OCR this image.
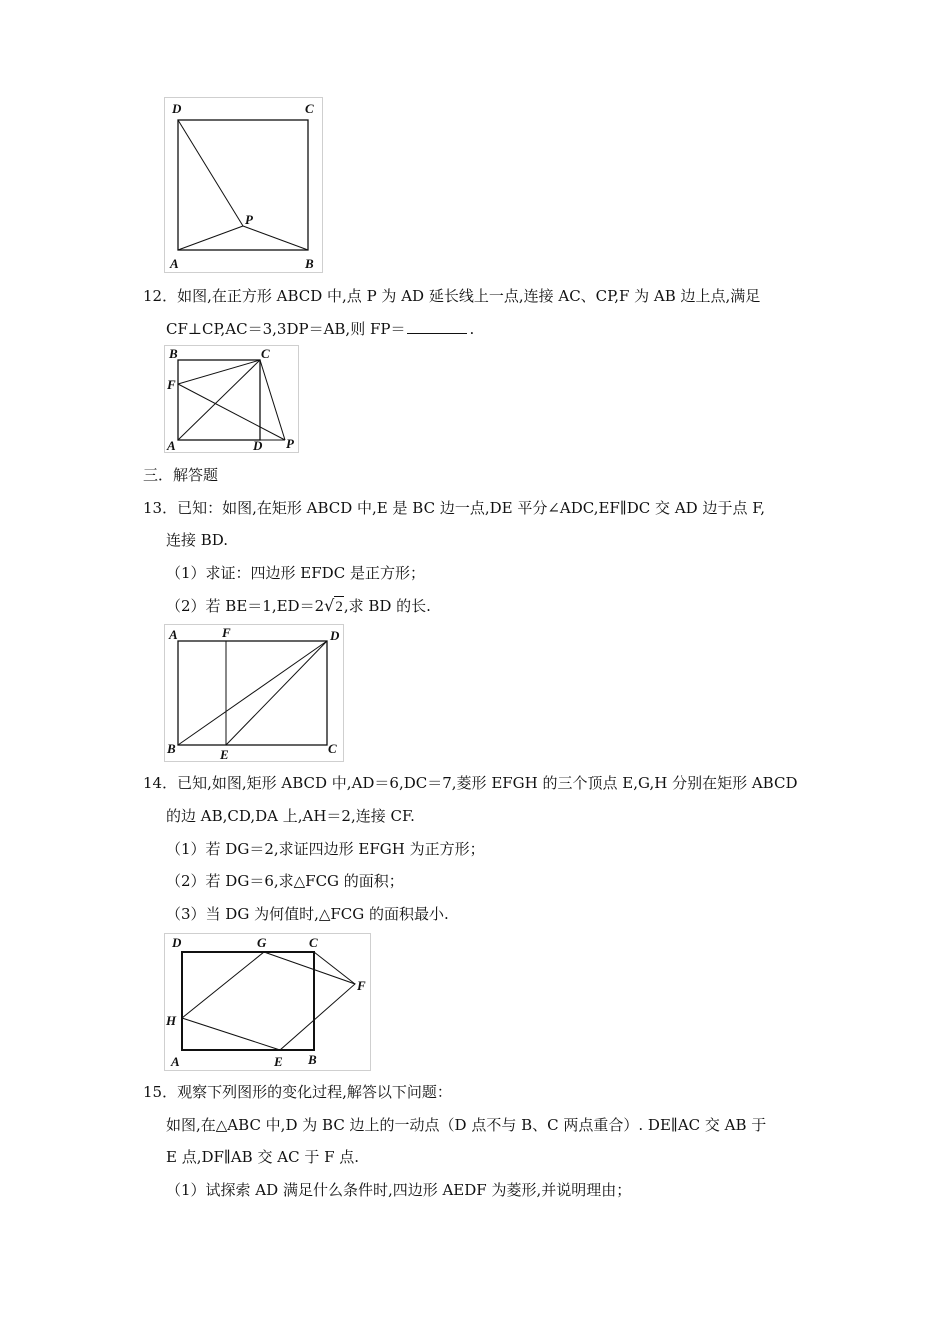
D	C
P
A	B
12．如图,在正方形 ABCD 中,点 P 为 AD 延长线上一点,连接 AC、CP,F 为 AB 边上点,满足
CF⊥CP,AC＝3,3DP＝AB,则 FP＝	.
B	C
F
A	D P
三．解答题
13．已知：如图,在矩形 ABCD 中,E 是 BC 边一点,DE 平分∠ADC,EF∥DC 交 AD 边于点 F,
连接 BD.
（1）求证：四边形 EFDC 是正方形；
（2）若 BE＝1,ED＝2√2,求 BD 的长.
A	F	D
B	E	C
14．已知,如图,矩形 ABCD 中,AD＝6,DC＝7,菱形 EFGH 的三个顶点 E,G,H 分别在矩形 ABCD
的边 AB,CD,DA 上,AH＝2,连接 CF.
（1）若 DG＝2,求证四边形 EFGH 为正方形；
（2）若 DG＝6,求△FCG 的面积；
（3）当 DG 为何值时,△FCG 的面积最小.
D	G	C
F
H
A	E B
15．观察下列图形的变化过程,解答以下问题：
如图,在△ABC 中,D 为 BC 边上的一动点（D 点不与 B、C 两点重合）. DE∥AC 交 AB 于
E 点,DF∥AB 交 AC 于 F 点.
（1）试探索 AD 满足什么条件时,四边形 AEDF 为菱形,并说明理由；
